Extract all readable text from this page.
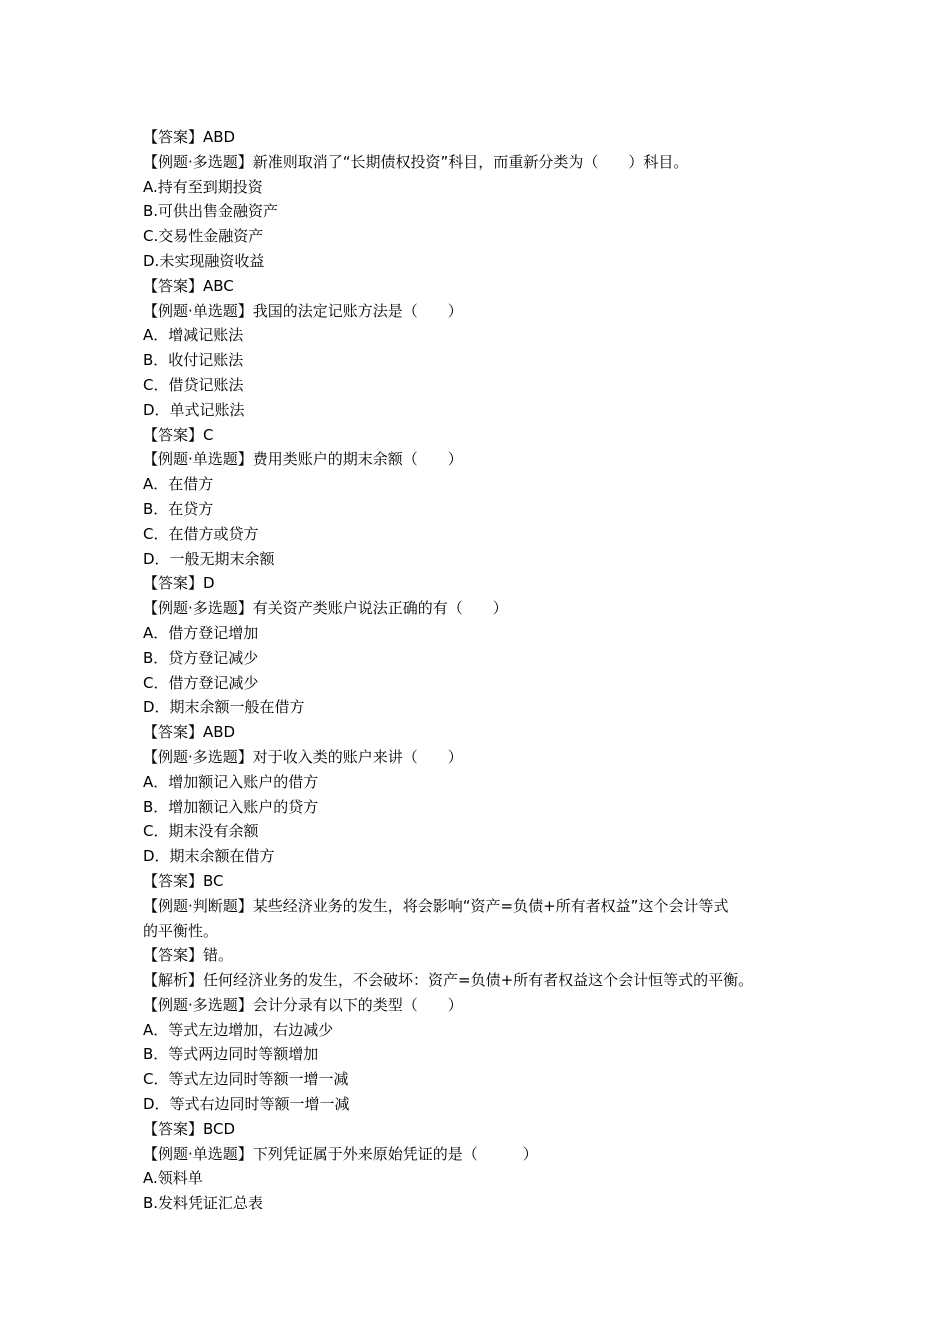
【答案】ABD
【例题·多选题】新准则取消了“长期债权投资”科目，而重新分类为（　　）科目。
A.持有至到期投资
B.可供出售金融资产
C.交易性金融资产
D.未实现融资收益
【答案】ABC
【例题·单选题】我国的法定记账方法是（　　）
A．增减记账法
B．收付记账法
C．借贷记账法
D．单式记账法
【答案】C
【例题·单选题】费用类账户的期末余额（　　）
A．在借方
B．在贷方
C．在借方或贷方
D．一般无期末余额
【答案】D
【例题·多选题】有关资产类账户说法正确的有（　　）
A．借方登记增加
B．贷方登记减少
C．借方登记减少
D．期末余额一般在借方
【答案】ABD
【例题·多选题】对于收入类的账户来讲（　　）
A．增加额记入账户的借方
B．增加额记入账户的贷方
C．期末没有余额
D．期末余额在借方
【答案】BC
【例题·判断题】某些经济业务的发生，将会影响“资产=负债+所有者权益”这个会计等式
的平衡性。
【答案】错。
【解析】任何经济业务的发生，不会破坏：资产=负债+所有者权益这个会计恒等式的平衡。
【例题·多选题】会计分录有以下的类型（　　）
A．等式左边增加，右边减少
B．等式两边同时等额增加
C．等式左边同时等额一增一减
D．等式右边同时等额一增一减
【答案】BCD
【例题·单选题】下列凭证属于外来原始凭证的是（　　　）
A.领料单
B.发料凭证汇总表
